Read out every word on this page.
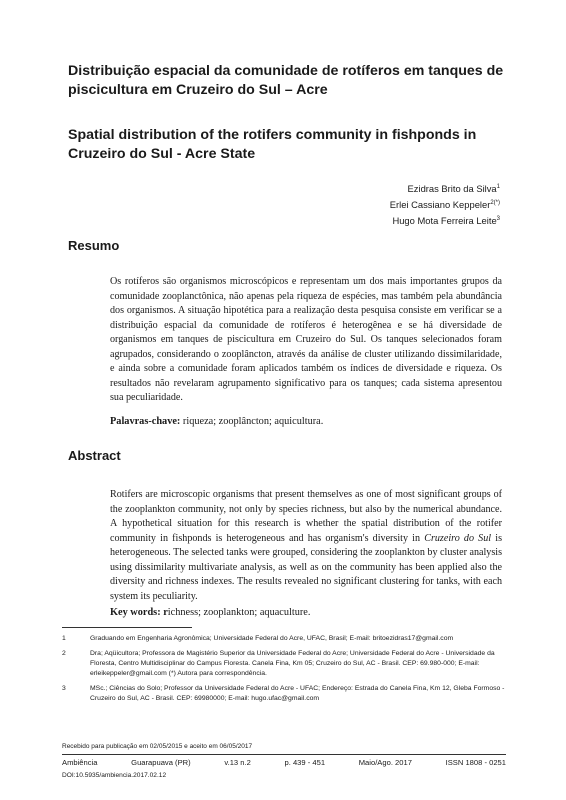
Distribuição espacial da comunidade de rotíferos em tanques de piscicultura em Cruzeiro do Sul – Acre
Spatial distribution of the rotifers community in fishponds in Cruzeiro do Sul - Acre State
Ezidras Brito da Silva$^1$
Erlei Cassiano Keppeler$^{2(*)}$
Hugo Mota Ferreira Leite$^3$
Resumo
Os rotíferos são organismos microscópicos e representam um dos mais importantes grupos da comunidade zooplanctônica, não apenas pela riqueza de espécies, mas também pela abundância dos organismos. A situação hipotética para a realização desta pesquisa consiste em verificar se a distribuição espacial da comunidade de rotíferos é heterogênea e se há diversidade de organismos em tanques de piscicultura em Cruzeiro do Sul. Os tanques selecionados foram agrupados, considerando o zooplâncton, através da análise de cluster utilizando dissimilaridade, e ainda sobre a comunidade foram aplicados também os índices de diversidade e riqueza. Os resultados não revelaram agrupamento significativo para os tanques; cada sistema apresentou sua peculiaridade.
Palavras-chave: riqueza; zooplâncton; aquicultura.
Abstract
Rotifers are microscopic organisms that present themselves as one of most significant groups of the zooplankton community, not only by species richness, but also by the numerical abundance. A hypothetical situation for this research is whether the spatial distribution of the rotifer community in fishponds is heterogeneous and has organism's diversity in Cruzeiro do Sul is heterogeneous. The selected tanks were grouped, considering the zooplankton by cluster analysis using dissimilarity multivariate analysis, as well as on the community has been applied also the diversity and richness indexes. The results revealed no significant clustering for tanks, with each system its peculiarity.
Key words: richness; zooplankton; aquaculture.
1	Graduando em Engenharia Agronômica; Universidade Federal do Acre, UFAC, Brasil; E-mail: britoezidras17@gmail.com
2	Dra; Aqüicultora; Professora de Magistério Superior da Universidade Federal do Acre; Universidade Federal do Acre - Universidade da Floresta, Centro Multidisciplinar do Campus Floresta. Canela Fina, Km 05; Cruzeiro do Sul, AC - Brasil. CEP: 69.980-000; E-mail: erleikeppeler@gmail.com (*) Autora para correspondência.
3	MSc.; Ciências do Solo; Professor da Universidade Federal do Acre - UFAC; Endereço: Estrada do Canela Fina, Km 12, Gleba Formoso - Cruzeiro do Sul, AC - Brasil. CEP: 69980000; E-mail: hugo.ufac@gmail.com
Recebido para publicação em 02/05/2015 e aceito em 06/05/2017
Ambiência	Guarapuava (PR)	v.13 n.2	p. 439 - 451	Maio/Ago. 2017	ISSN 1808 - 0251
DOI:10.5935/ambiencia.2017.02.12
